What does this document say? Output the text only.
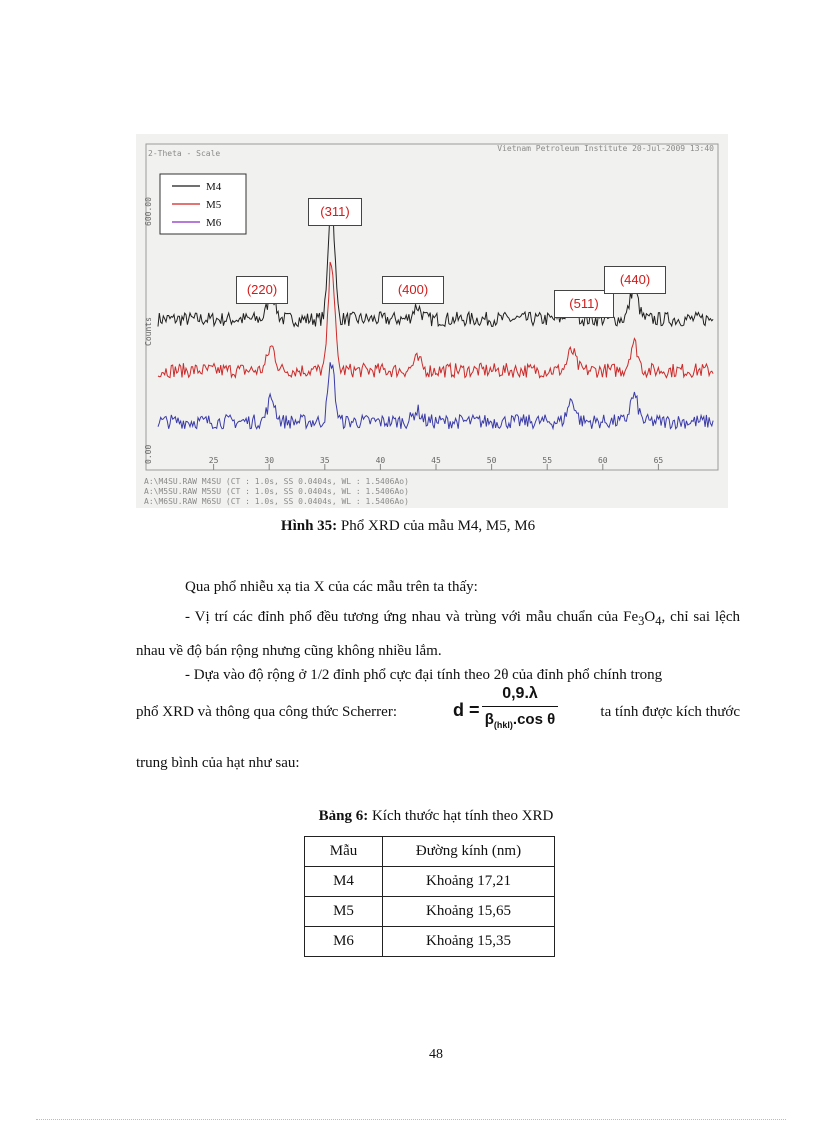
2-Theta - Scale
Vietnam Petroleum Institute 20-Jul-2009 13:40
Counts
600.00
0.00	25	30	35	40	45	50	55	60	65
M4
M5
M6
A:\M4SU.RAW M4SU (CT : 1.0s, SS 0.0404s, WL : 1.5406Ao)
A:\M5SU.RAW M5SU (CT : 1.0s, SS 0.0404s, WL : 1.5406Ao)
A:\M6SU.RAW M6SU (CT : 1.0s, SS 0.0404s, WL : 1.5406Ao)
(311)
(220)	(400)
(511)
(440)
Hình 35: Phổ XRD của mẫu M4, M5, M6
Qua phổ nhiễu xạ tia X của các mẫu trên ta thấy:
- Vị trí các đỉnh phổ đều tương ứng nhau và trùng với mẫu chuẩn của $Fe_3O_4$, chỉ sai lệch nhau về độ bán rộng nhưng cũng không nhiều lắm.
- Dựa vào độ rộng ở 1/2 đỉnh phổ cực đại tính theo 2θ của đỉnh phổ chính trong
phổ XRD và thông qua công thức Scherrer:	d =
0,9.λ
$\beta_{(hkl)}.\cos$ θ	ta tính được kích thước
trung bình của hạt như sau:
Bảng 6: Kích thước hạt tính theo XRD
Mẫu	Đường kính (nm)
M4	Khoảng 17,21
M5	Khoảng 15,65
M6	Khoảng 15,35
48
